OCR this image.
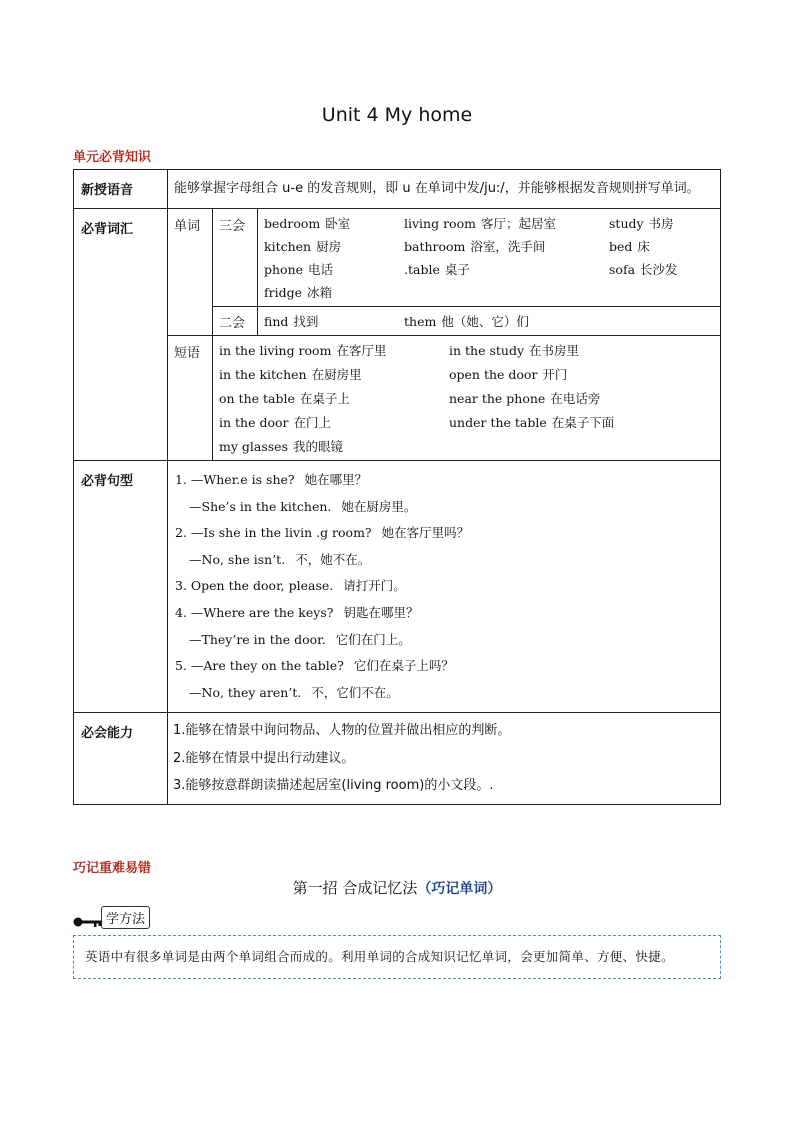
Unit 4 My home
单元必背知识
新授语音	能够掌握字母组合 u-e 的发音规则，即 u 在单词中发/ju:/，并能够根据发音规则拼写单词。
必背词汇		单词	三会	bedroom 卧室	living room 客厅；起居室	study 书房
kitchen 厨房	bathroom 浴室，洗手间	bed 床
phone 电话	.table 桌子	sofa 长沙发
fridge 冰箱

二会	find 找到	them 他（她、它）们

短语	in the living room 在客厅里	in the study 在书房里
in the kitchen 在厨房里	open the door 开门
on the table 在桌子上	near the phone 在电话旁
in the door 在门上	under the table 在桌子下面
my glasses 我的眼镜

必背句型	1. —Wher.e is she? 她在哪里？
—She’s in the kitchen. 她在厨房里。
2. —Is she in the livin .g room? 她在客厅里吗？
—No, she isn’t. 不，她不在。
3. Open the door, please. 请打开门。
4. —Where are the keys? 钥匙在哪里？
—They’re in the door. 它们在门上。
5. —Are they on the table? 它们在桌子上吗？
—No, they aren’t. 不，它们不在。

必会能力	1.能够在情景中询问物品、人物的位置并做出相应的判断。
2.能够在情景中提出行动建议。
3.能够按意群朗读描述起居室(living room)的小文段。.
巧记重难易错
第一招 合成记忆法（巧记单词）
学方法
英语中有很多单词是由两个单词组合而成的。利用单词的合成知识记忆单词，会更加简单、方便、快捷。
